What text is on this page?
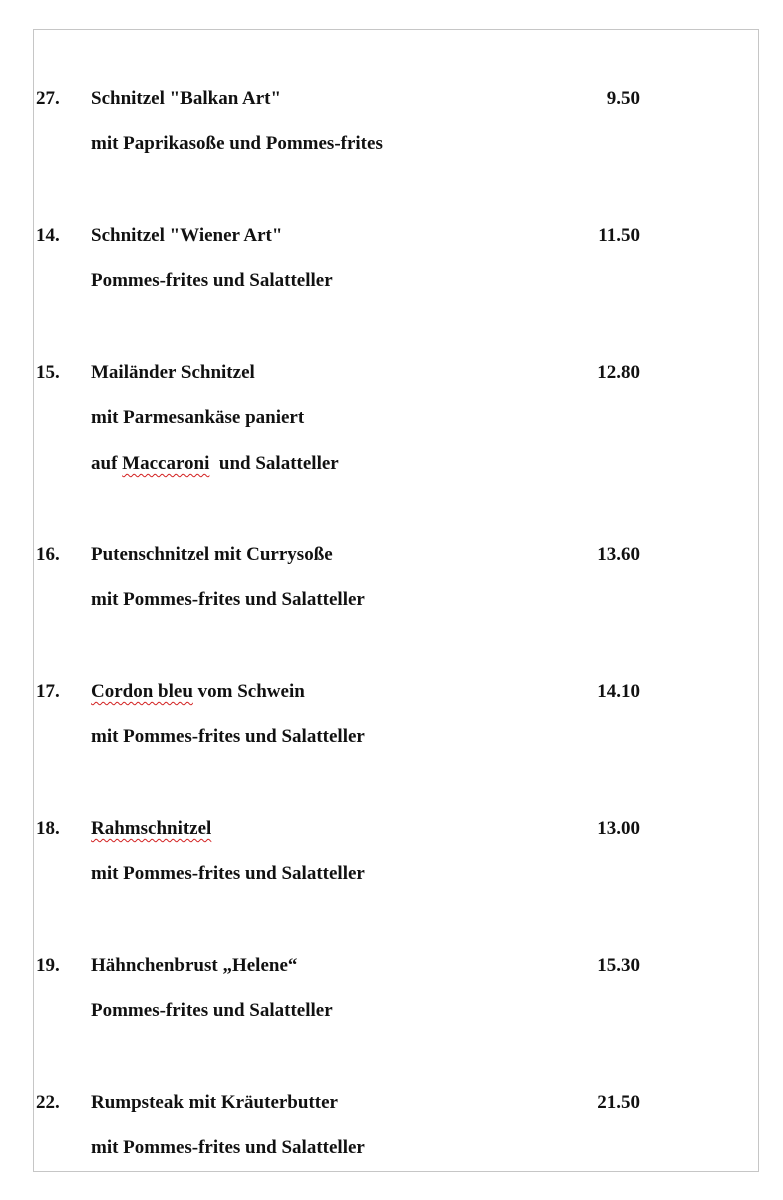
27. Schnitzel "Balkan Art"	9.50
mit Paprikasoße und Pommes-frites
14. Schnitzel "Wiener Art"	11.50
Pommes-frites und Salatteller
15. Mailänder Schnitzel	12.80
mit Parmesankäse paniert
auf Maccaroni  und Salatteller
16. Putenschnitzel mit Currysoße	13.60
mit Pommes-frites und Salatteller
17. Cordon bleu vom Schwein	14.10
mit Pommes-frites und Salatteller
18. Rahmschnitzel	13.00
mit Pommes-frites und Salatteller
19. Hähnchenbrust „Helene“	15.30
Pommes-frites und Salatteller
22. Rumpsteak mit Kräuterbutter	21.50
mit Pommes-frites und Salatteller
